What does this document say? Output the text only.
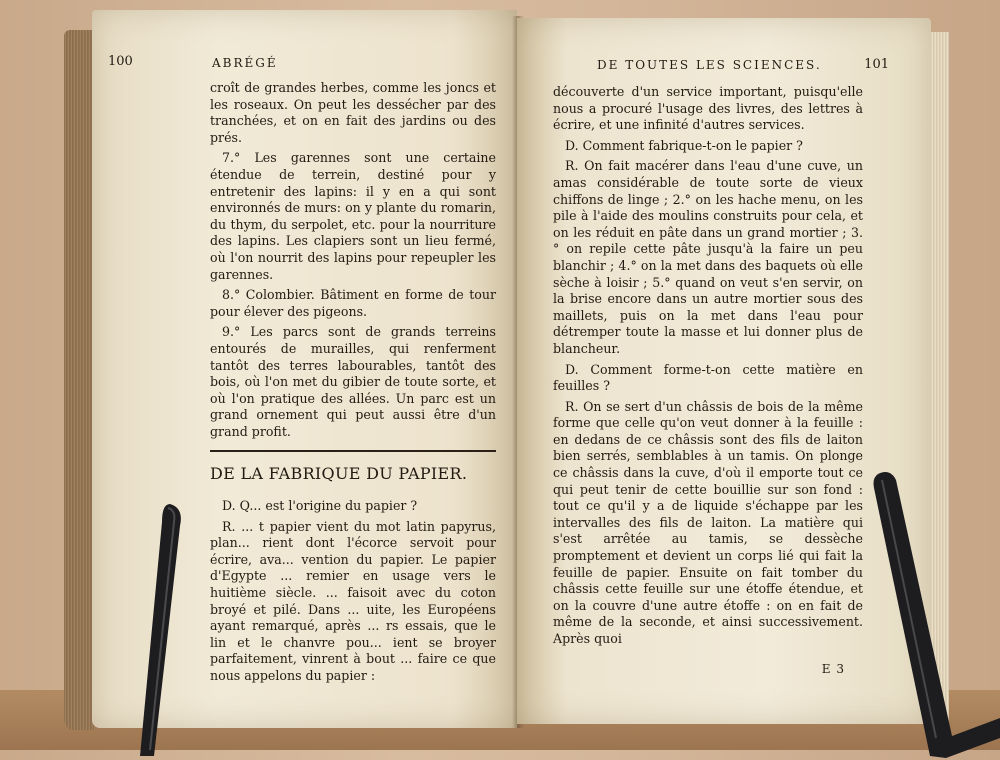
100	ABRÉGÉ

croît de grandes herbes, comme les joncs et les roseaux. On peut les dessécher par des tranchées, et on en fait des jardins ou des prés.

7.° Les garennes sont une certaine étendue de terrein, destiné pour y entretenir des lapins: il y en a qui sont environnés de murs: on y plante du romarin, du thym, du serpolet, etc. pour la nourriture des lapins. Les clapiers sont un lieu fermé, où l'on nourrit des lapins pour repeupler les garennes.

8.° Colombier. Bâtiment en forme de tour pour élever des pigeons.

9.° Les parcs sont de grands terreins entourés de murailles, qui renferment tantôt des terres labourables, tantôt des bois, où l'on met du gibier de toute sorte, et où l'on pratique des allées. Un parc est un grand ornement qui peut aussi être d'un grand profit.

DE LA FABRIQUE DU PAPIER.

D. Q... est l'origine du papier ?

R. ... t papier vient du mot latin papyrus, plan... rient dont l'écorce servoit pour écrire, ava... vention du papier. Le papier d'Egypte ... remier en usage vers le huitième siècle. ... faisoit avec du coton broyé et pilé. Dans ... uite, les Européens ayant remarqué, après ... rs essais, que le lin et le chanvre pou... ient se broyer parfaitement, vinrent à bout ... faire ce que nous appelons du papier :

DE TOUTES LES SCIENCES.	101

découverte d'un service important, puisqu'elle nous a procuré l'usage des livres, des lettres à écrire, et une infinité d'autres services.

D. Comment fabrique-t-on le papier ?

R. On fait macérer dans l'eau d'une cuve, un amas considérable de toute sorte de vieux chiffons de linge ; 2.° on les hache menu, on les pile à l'aide des moulins construits pour cela, et on les réduit en pâte dans un grand mortier ; 3.° on repile cette pâte jusqu'à la faire un peu blanchir ; 4.° on la met dans des baquets où elle sèche à loisir ; 5.° quand on veut s'en servir, on la brise encore dans un autre mortier sous des maillets, puis on la met dans l'eau pour détremper toute la masse et lui donner plus de blancheur.

D. Comment forme-t-on cette matière en feuilles ?

R. On se sert d'un châssis de bois de la même forme que celle qu'on veut donner à la feuille : en dedans de ce châssis sont des fils de laiton bien serrés, semblables à un tamis. On plonge ce châssis dans la cuve, d'où il emporte tout ce qui peut tenir de cette bouillie sur son fond : tout ce qu'il y a de liquide s'échappe par les intervalles des fils de laiton. La matière qui s'est arrêtée au tamis, se dessèche promptement et devient un corps lié qui fait la feuille de papier. Ensuite on fait tomber du châssis cette feuille sur une étoffe étendue, et on la couvre d'une autre étoffe : on en fait de même de la seconde, et ainsi successivement. Après quoi

E 3
